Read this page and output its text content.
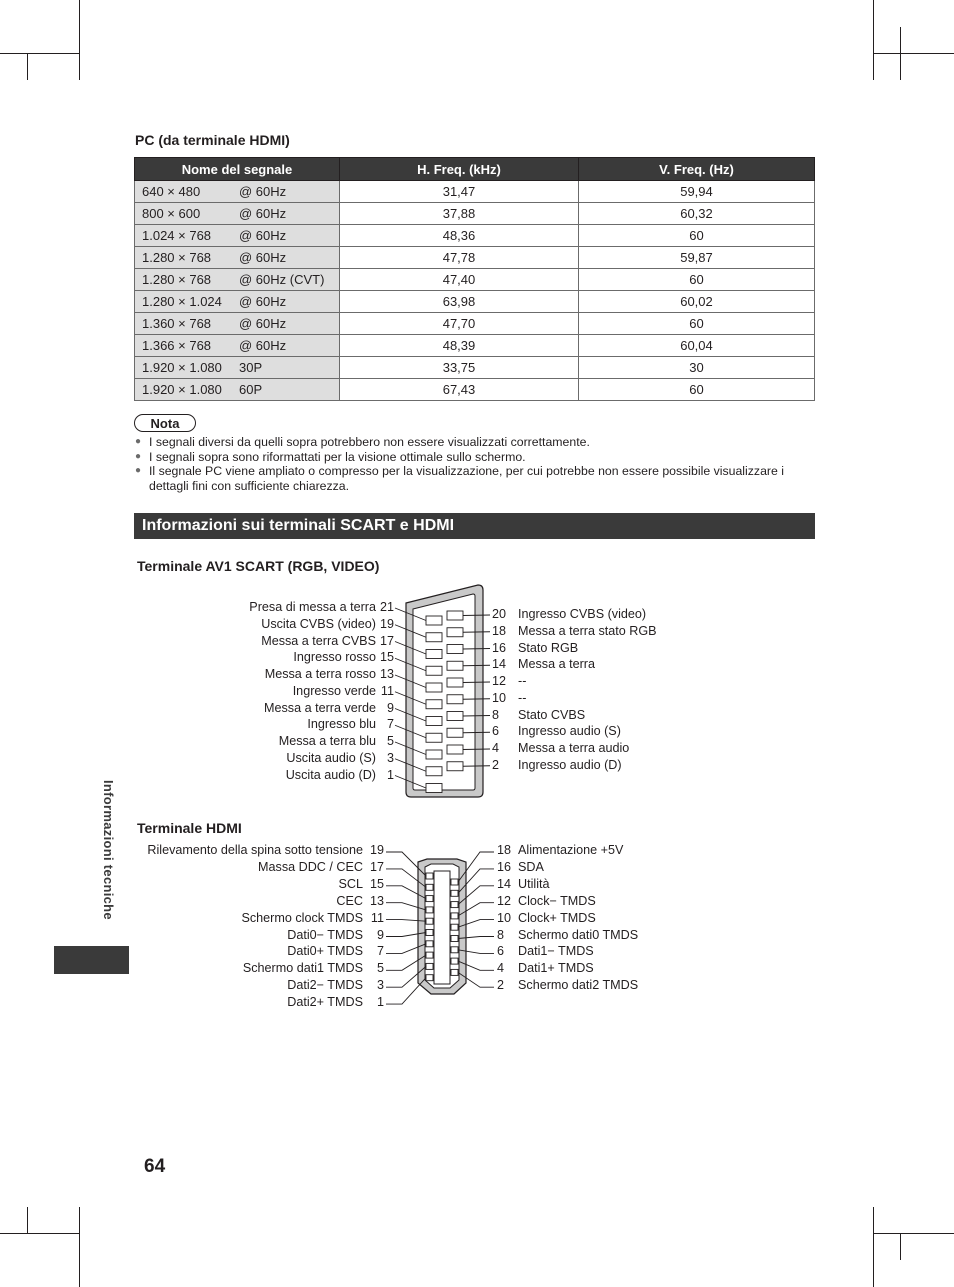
PC (da terminale HDMI)
Nome del segnale	H. Freq. (kHz)	V. Freq. (Hz)
640 × 480 @ 60Hz	31,47	59,94
800 × 600 @ 60Hz	37,88	60,32
1.024 × 768 @ 60Hz	48,36	60
1.280 × 768 @ 60Hz	47,78	59,87
1.280 × 768 @ 60Hz (CVT)	47,40	60
1.280 × 1.024 @ 60Hz	63,98	60,02
1.360 × 768 @ 60Hz	47,70	60
1.366 × 768 @ 60Hz	48,39	60,04
1.920 × 1.080 30P	33,75	30
1.920 × 1.080 60P	67,43	60
Nota
● I segnali diversi da quelli sopra potrebbero non essere visualizzati correttamente.
● I segnali sopra sono riformattati per la visione ottimale sullo schermo.
● Il segnale PC viene ampliato o compresso per la visualizzazione, per cui potrebbe non essere possibile visualizzare i dettagli fini con sufficiente chiarezza.
Informazioni sui terminali SCART e HDMI
Terminale AV1 SCART (RGB, VIDEO)
Terminale HDMI
Presa di messa a terra 21
Uscita CVBS (video) 19
Messa a terra CVBS 17
Ingresso rosso 15
Messa a terra rosso 13
Ingresso verde 11
Messa a terra verde 9
Ingresso blu 7
Messa a terra blu 5
Uscita audio (S) 3
Uscita audio (D) 1
20 Ingresso CVBS (video)
18 Messa a terra stato RGB
16 Stato RGB
14 Messa a terra
12 --
10 --
8 Stato CVBS
6 Ingresso audio (S)
4 Messa a terra audio
2 Ingresso audio (D)
Rilevamento della spina sotto tensione 19
Massa DDC / CEC 17
SCL 15
CEC 13
Schermo clock TMDS 11
Dati0− TMDS 9
Dati0+ TMDS 7
Schermo dati1 TMDS 5
Dati2− TMDS 3
Dati2+ TMDS 1
18 Alimentazione +5V
16 SDA
14 Utilità
12 Clock− TMDS
10 Clock+ TMDS
8 Schermo dati0 TMDS
6 Dati1− TMDS
4 Dati1+ TMDS
2 Schermo dati2 TMDS
Informazioni tecniche
64
